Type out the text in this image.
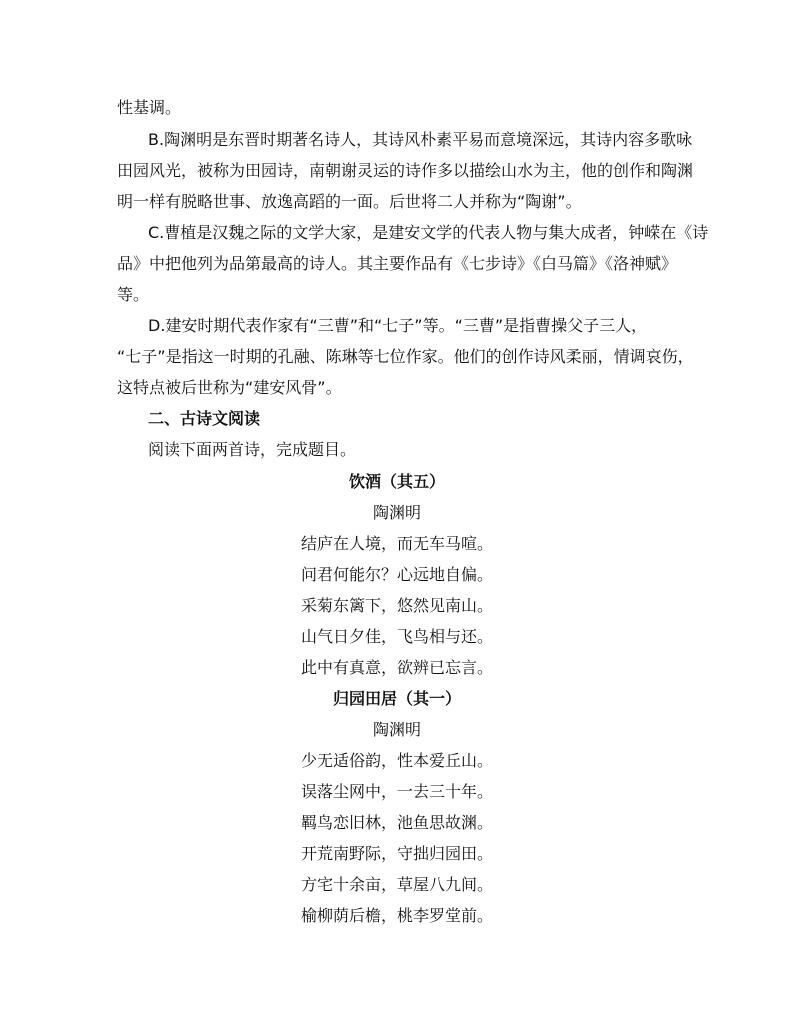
性基调。

B.陶渊明是东晋时期著名诗人，其诗风朴素平易而意境深远，其诗内容多歌咏

田园风光，被称为田园诗，南朝谢灵运的诗作多以描绘山水为主，他的创作和陶渊

明一样有脱略世事、放逸高蹈的一面。后世将二人并称为“陶谢”。

C.曹植是汉魏之际的文学大家，是建安文学的代表人物与集大成者，钟嵘在《诗

品》中把他列为品第最高的诗人。其主要作品有《七步诗》《白马篇》《洛神赋》

等。

D.建安时期代表作家有“三曹”和“七子”等。“三曹”是指曹操父子三人，

“七子”是指这一时期的孔融、陈琳等七位作家。他们的创作诗风柔丽，情调哀伤，

这特点被后世称为“建安风骨”。

二、古诗文阅读

阅读下面两首诗，完成题目。

饮酒（其五）

陶渊明

结庐在人境，而无车马喧。

问君何能尔？心远地自偏。

采菊东篱下，悠然见南山。

山气日夕佳，飞鸟相与还。

此中有真意，欲辨已忘言。

归园田居（其一）

陶渊明

少无适俗韵，性本爱丘山。

误落尘网中，一去三十年。

羁鸟恋旧林，池鱼思故渊。

开荒南野际，守拙归园田。

方宅十余亩，草屋八九间。

榆柳荫后檐，桃李罗堂前。
